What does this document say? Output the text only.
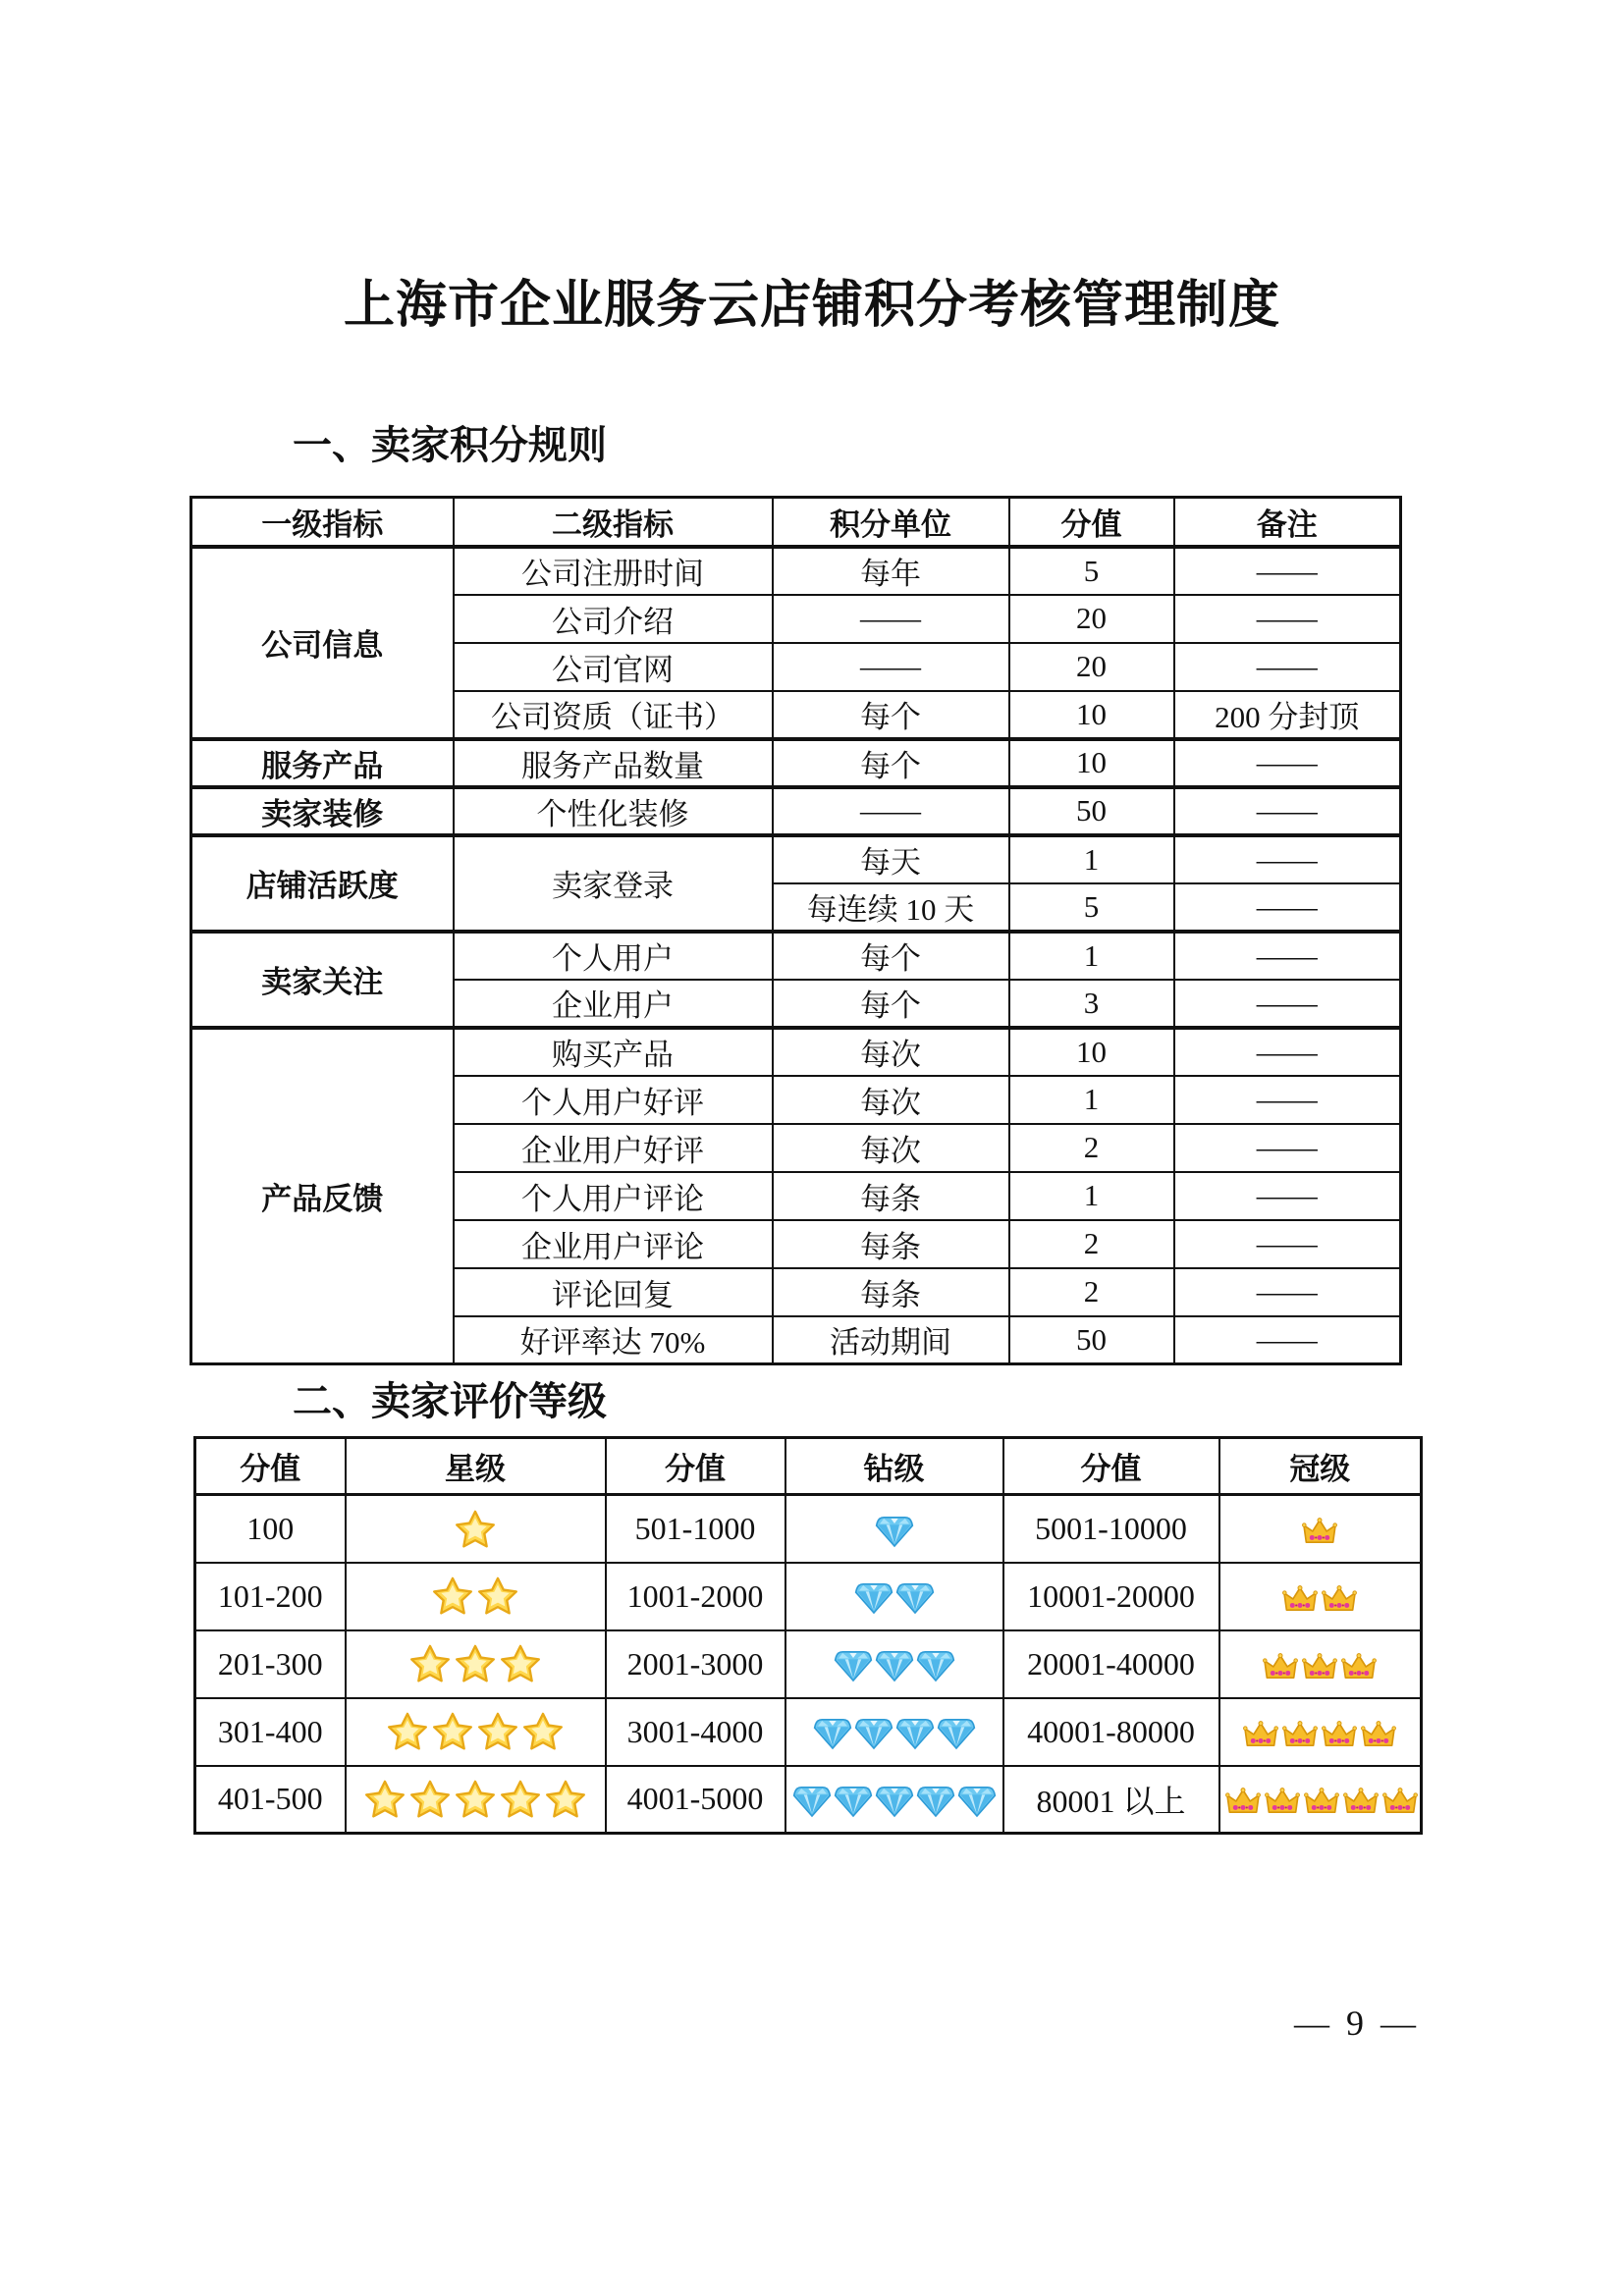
上海市企业服务云店铺积分考核管理制度
一、卖家积分规则
一级指标	二级指标	积分单位	分值	备注
公司信息	公司注册时间	每年	5	——
	公司介绍	——	20	——
	公司官网	——	20	——
	公司资质（证书）	每个	10	200 分封顶
服务产品	服务产品数量	每个	10	——
卖家装修	个性化装修	——	50	——
店铺活跃度	卖家登录	每天	1	——
		每连续 10 天	5	——
卖家关注	个人用户	每个	1	——
	企业用户	每个	3	——
产品反馈	购买产品	每次	10	——
	个人用户好评	每次	1	——
	企业用户好评	每次	2	——
	个人用户评论	每条	1	——
	企业用户评论	每条	2	——
	评论回复	每条	2	——
	好评率达 70%	活动期间	50	——
二、卖家评价等级
分值	星级	分值	钻级	分值	冠级
100		501-1000		5001-10000	

101-200		1001-2000		10001-20000	

201-300		2001-3000		20001-40000	

301-400		3001-4000		40001-80000	

401-500		4001-5000		80001 以上	
— 9 —
